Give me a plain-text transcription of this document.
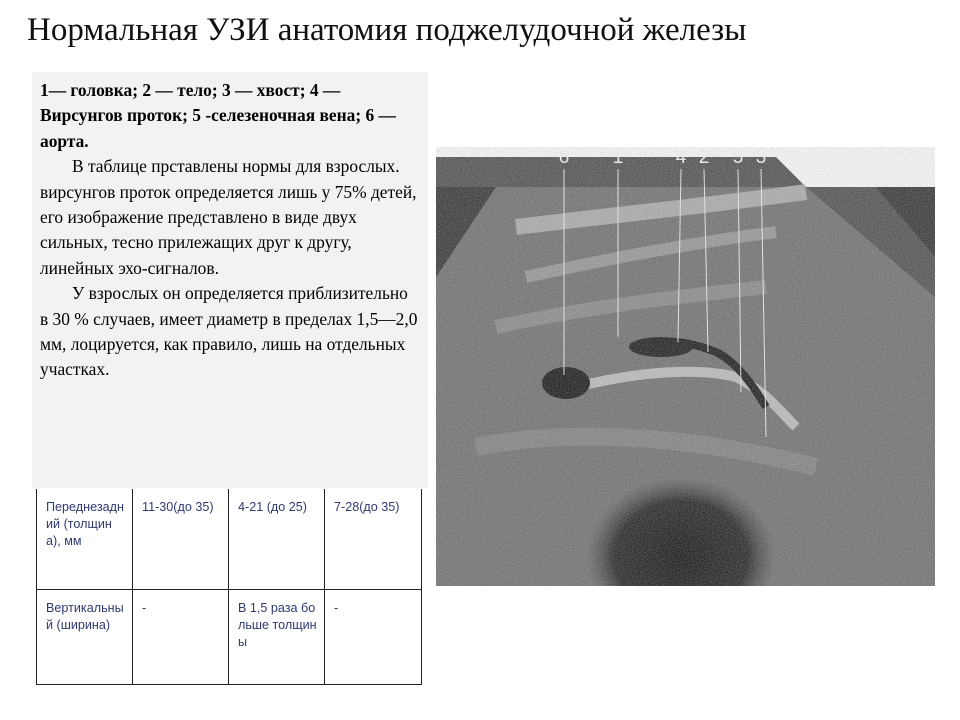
Нормальная УЗИ анатомия поджелудочной железы

1— головка; 2 — тело; 3 — хвост; 4 — Вирсунгов проток; 5 -селезеночная вена; 6 — аорта.

В таблице прставлены нормы для взрослых. вирсунгов проток определяется лишь у 75% детей, его изображение представлено в виде двух сильных, тесно прилежащих друг к другу, линейных эхо-сигналов.

У взрослых он определяется приблизительно в 30 % случаев, имеет диаметр в пределах 1,5—2,0 мм, лоцируется, как правило, лишь на отдельных участках.

Переднезадний (толщина), мм	11-30(до 35)	4-21 (до 25)	7-28(до 35)
Вертикальный (ширина)	-	В 1,5 раза больше толщины	-
6 1	4 2 5 3
